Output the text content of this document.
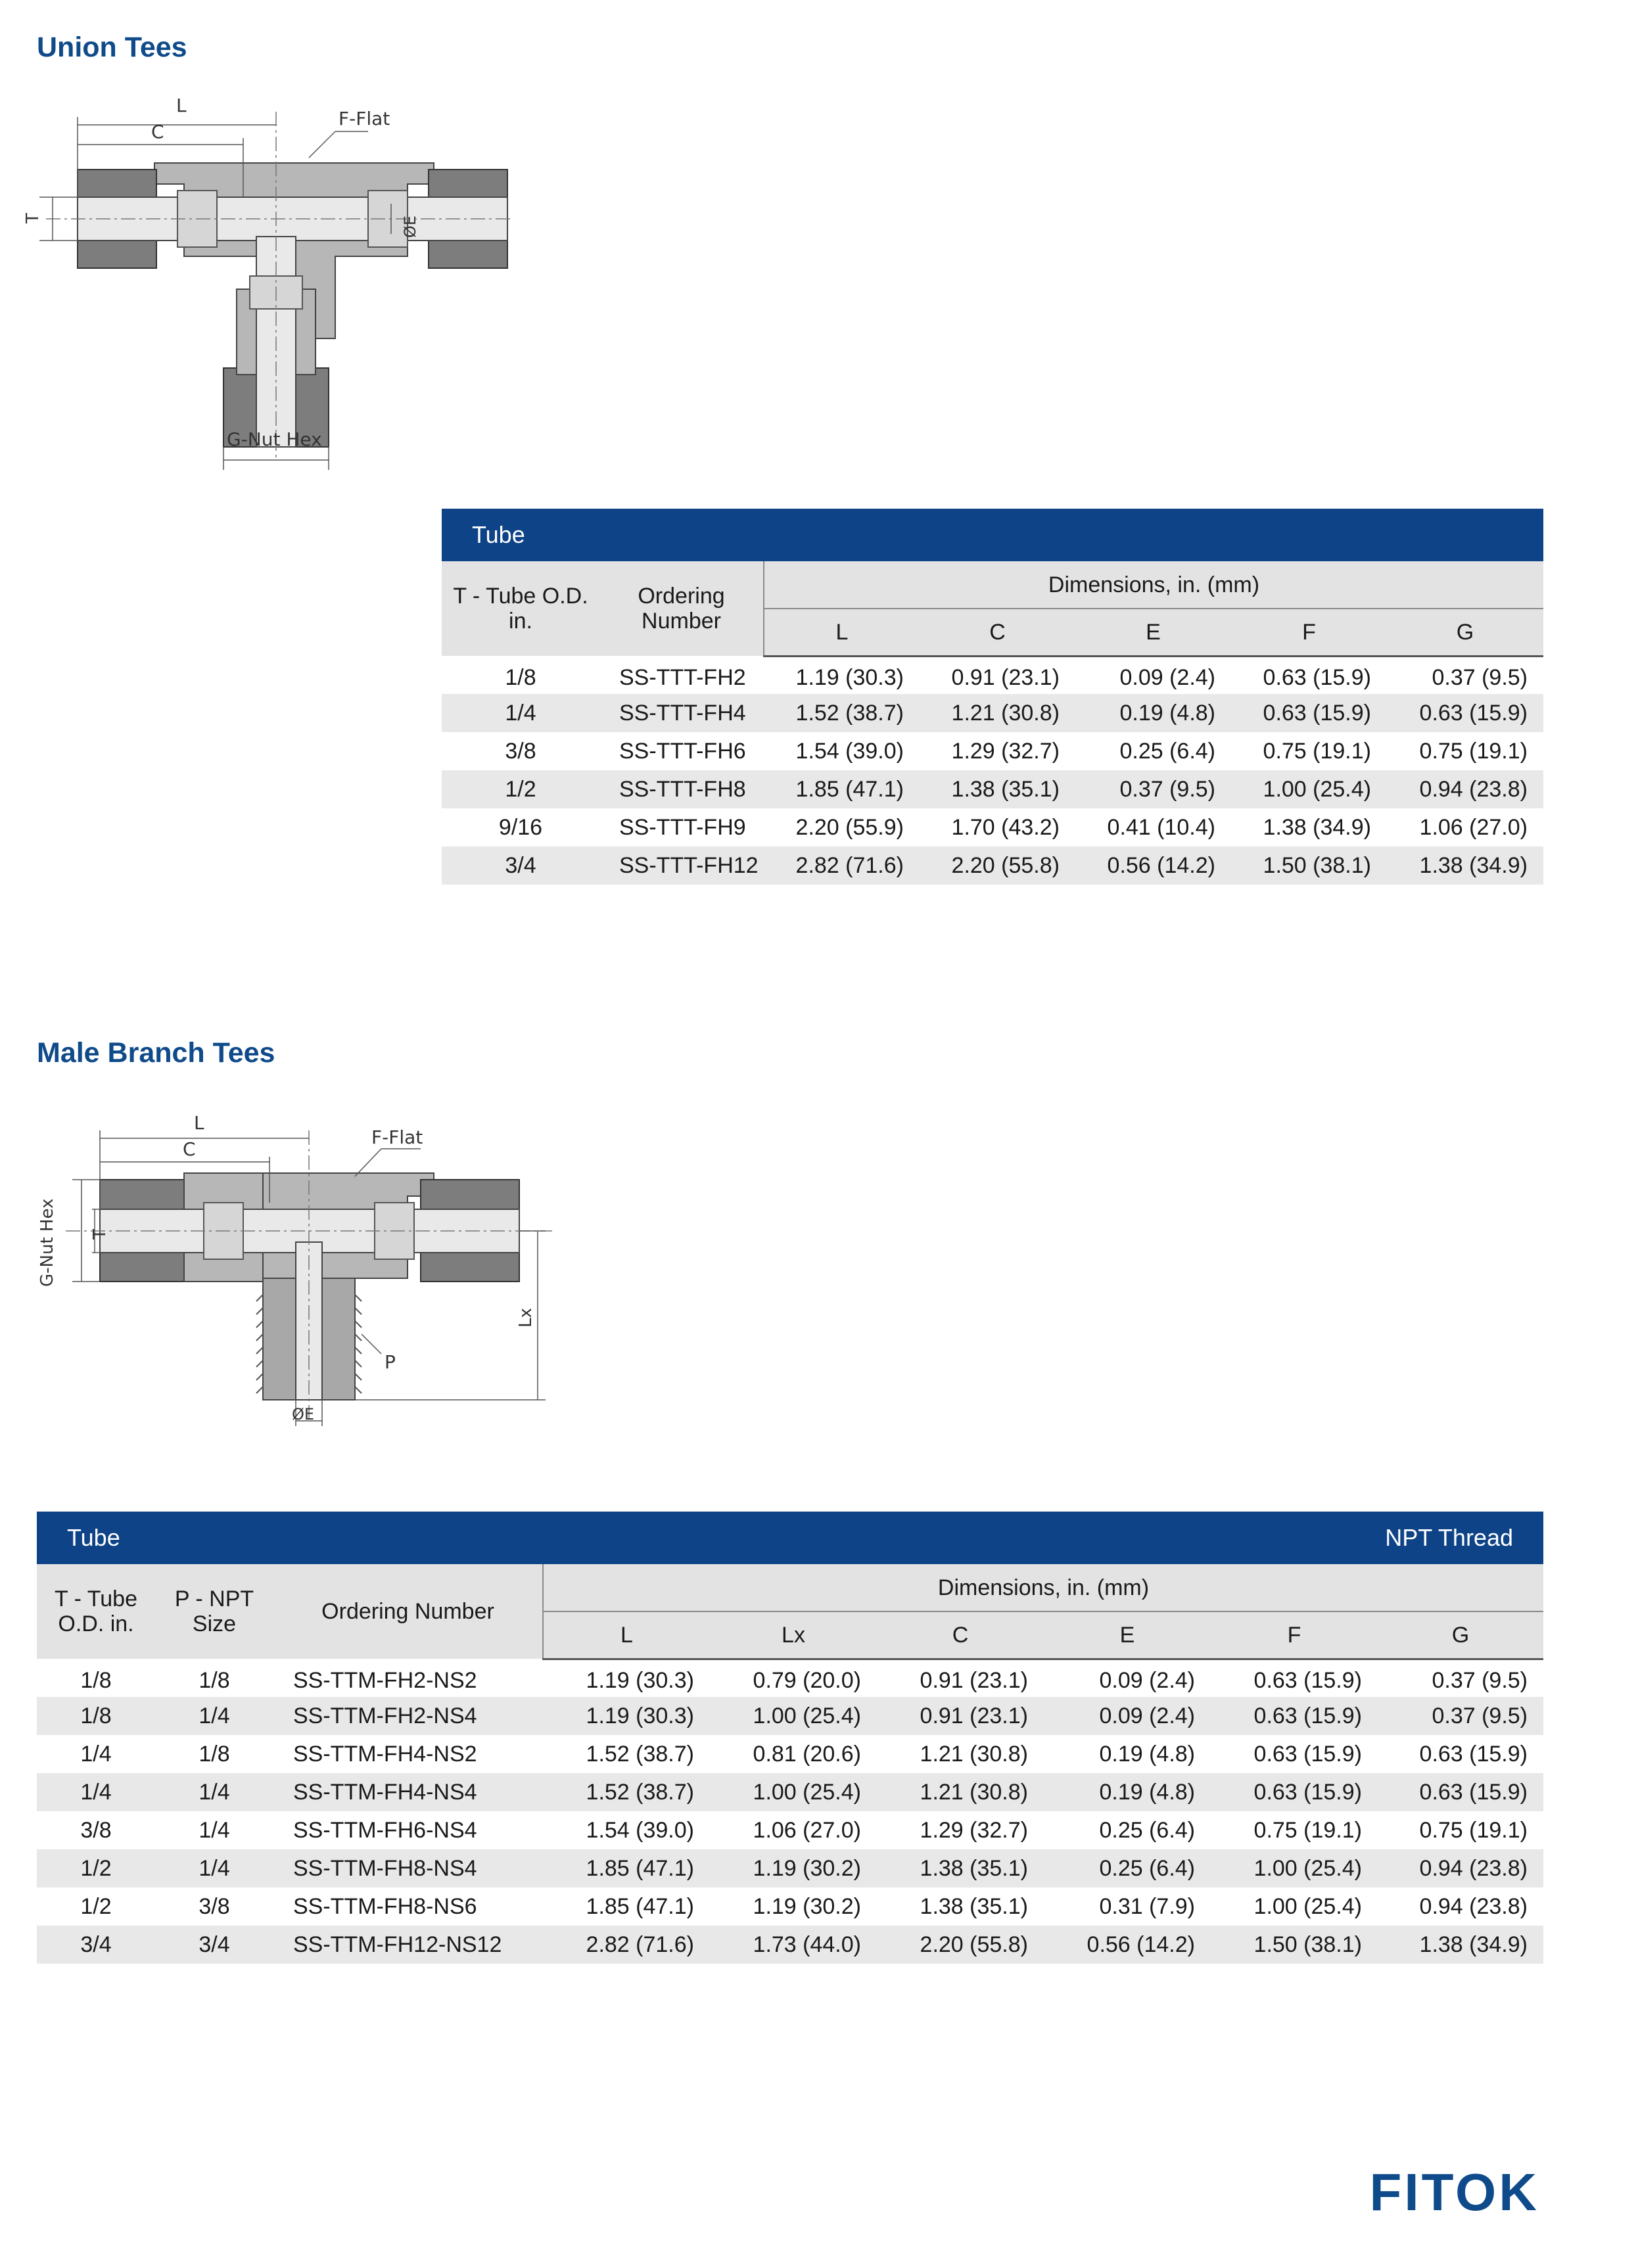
Union Tees
L
C
F-Flat
T	ØE
G-Nut Hex
Tube						
T - Tube O.D. in.	Ordering Number	Dimensions, in. (mm)				
		L	C	E	F	G
1/8	SS-TTT-FH2	1.19 (30.3)	0.91 (23.1)	0.09 (2.4)	0.63 (15.9)	0.37 (9.5)
1/4	SS-TTT-FH4	1.52 (38.7)	1.21 (30.8)	0.19 (4.8)	0.63 (15.9)	0.63 (15.9)
3/8	SS-TTT-FH6	1.54 (39.0)	1.29 (32.7)	0.25 (6.4)	0.75 (19.1)	0.75 (19.1)
1/2	SS-TTT-FH8	1.85 (47.1)	1.38 (35.1)	0.37 (9.5)	1.00 (25.4)	0.94 (23.8)
9/16	SS-TTT-FH9	2.20 (55.9)	1.70 (43.2)	0.41 (10.4)	1.38 (34.9)	1.06 (27.0)
3/4	SS-TTT-FH12	2.82 (71.6)	2.20 (55.8)	0.56 (14.2)	1.50 (38.1)	1.38 (34.9)
Male Branch Tees
L
C
F-Flat
T
G-Nut Hex
Lx
P
ØE
Tube				NPT Thread				
T - Tube O.D. in.	P - NPT Size	Ordering Number	Dimensions, in. (mm)					
			L	Lx	C	E	F	G
1/8	1/8	SS-TTM-FH2-NS2	1.19 (30.3)	0.79 (20.0)	0.91 (23.1)	0.09 (2.4)	0.63 (15.9)	0.37 (9.5)
1/8	1/4	SS-TTM-FH2-NS4	1.19 (30.3)	1.00 (25.4)	0.91 (23.1)	0.09 (2.4)	0.63 (15.9)	0.37 (9.5)
1/4	1/8	SS-TTM-FH4-NS2	1.52 (38.7)	0.81 (20.6)	1.21 (30.8)	0.19 (4.8)	0.63 (15.9)	0.63 (15.9)
1/4	1/4	SS-TTM-FH4-NS4	1.52 (38.7)	1.00 (25.4)	1.21 (30.8)	0.19 (4.8)	0.63 (15.9)	0.63 (15.9)
3/8	1/4	SS-TTM-FH6-NS4	1.54 (39.0)	1.06 (27.0)	1.29 (32.7)	0.25 (6.4)	0.75 (19.1)	0.75 (19.1)
1/2	1/4	SS-TTM-FH8-NS4	1.85 (47.1)	1.19 (30.2)	1.38 (35.1)	0.25 (6.4)	1.00 (25.4)	0.94 (23.8)
1/2	3/8	SS-TTM-FH8-NS6	1.85 (47.1)	1.19 (30.2)	1.38 (35.1)	0.31 (7.9)	1.00 (25.4)	0.94 (23.8)
3/4	3/4	SS-TTM-FH12-NS12	2.82 (71.6)	1.73 (44.0)	2.20 (55.8)	0.56 (14.2)	1.50 (38.1)	1.38 (34.9)
FITOK
